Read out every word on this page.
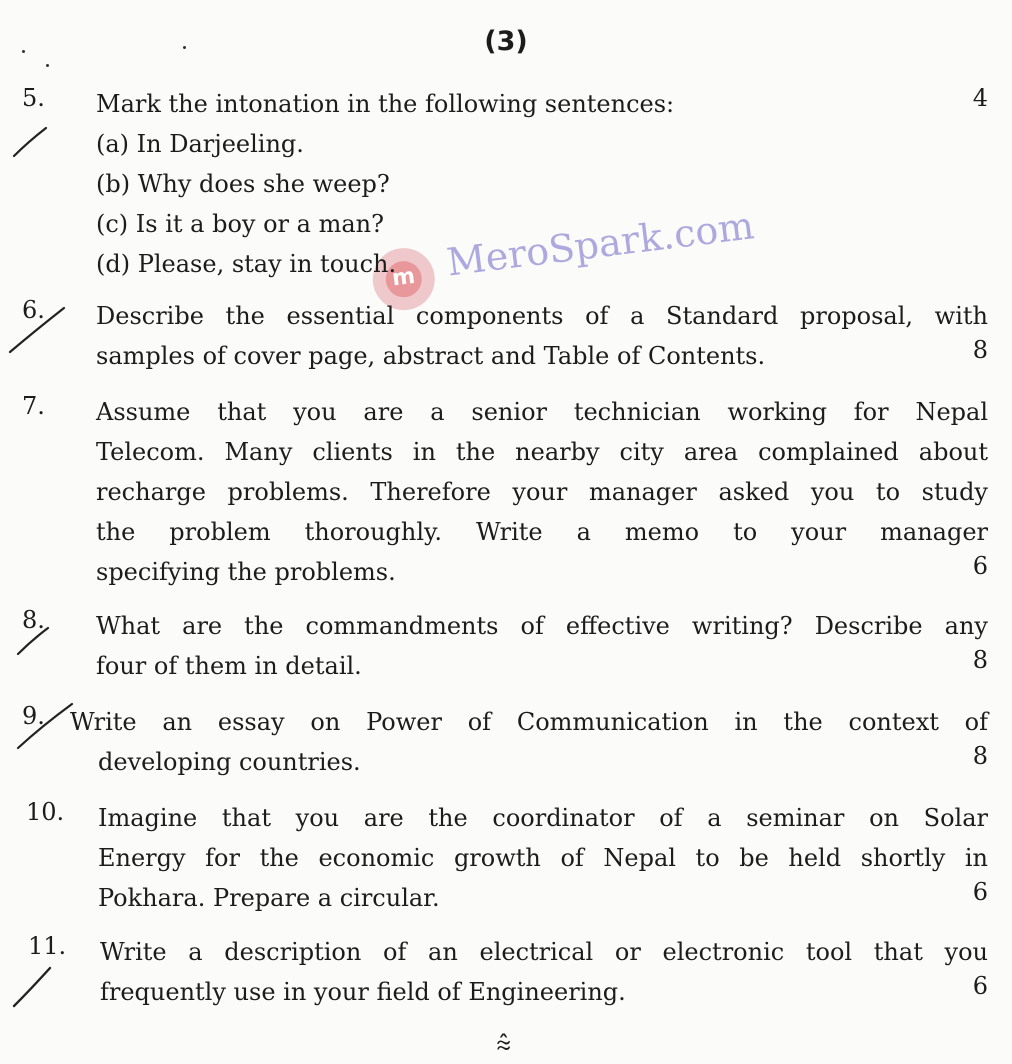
(3)
m MeroSpark.com
5. Mark the intonation in the following sentences:
(a) In Darjeeling.
(b) Why does she weep?
(c) Is it a boy or a man?
(d) Please, stay in touch.
4
6. Describe the essential components of a Standard proposal, with
samples of cover page, abstract and Table of Contents.	8
7. Assume that you are a senior technician working for Nepal
Telecom. Many clients in the nearby city area complained about
recharge problems. Therefore your manager asked you to study
the problem thoroughly. Write a memo to your manager
specifying the problems.	6
8. What are the commandments of effective writing? Describe any
four of them in detail.	8
9. Write an essay on Power of Communication in the context of
developing countries.	8
10. Imagine that you are the coordinator of a seminar on Solar
Energy for the economic growth of Nepal to be held shortly in
Pokhara. Prepare a circular.	6
11. Write a description of an electrical or electronic tool that you
frequently use in your field of Engineering.	6
⩯
